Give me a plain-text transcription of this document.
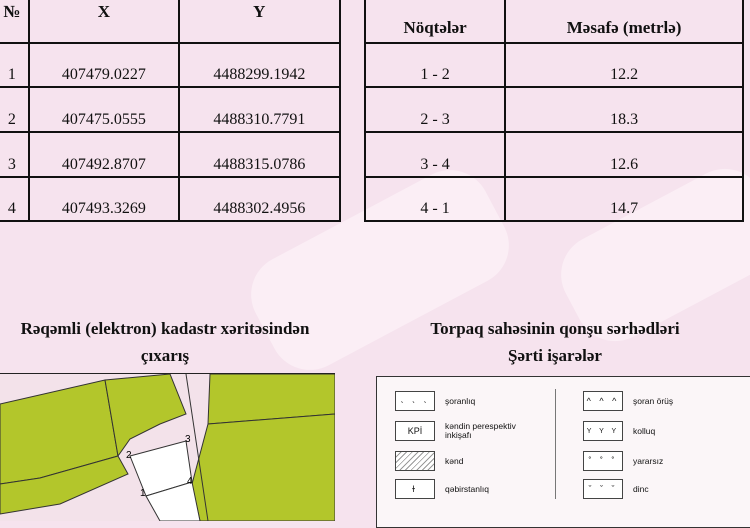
№	X	Y		Nöqtələr	Məsafə (metrlə)
1	407479.0227	4488299.1942		1 - 2	12.2
2	407475.0555	4488310.7791		2 - 3	18.3
3	407492.8707	4488315.0786		3 - 4	12.6
4	407493.3269	4488302.4956		4 - 1	14.7
Rəqəmli (elektron) kadastr xəritəsindən
çıxarış
Torpaq sahəsinin qonşu sərhədləri
Şərti işarələr
1
2
3
4
˴ ˴ ˴	şoranlıq
KPİ	kəndin perespektiv inkişafı
kənd
ɫ	qəbirstanlıq
^ ^ ^	şoran örüş
Y Y Y	kolluq
˚ ˚ ˚	yararsız
ˇ ˇ ˇ	dinc
